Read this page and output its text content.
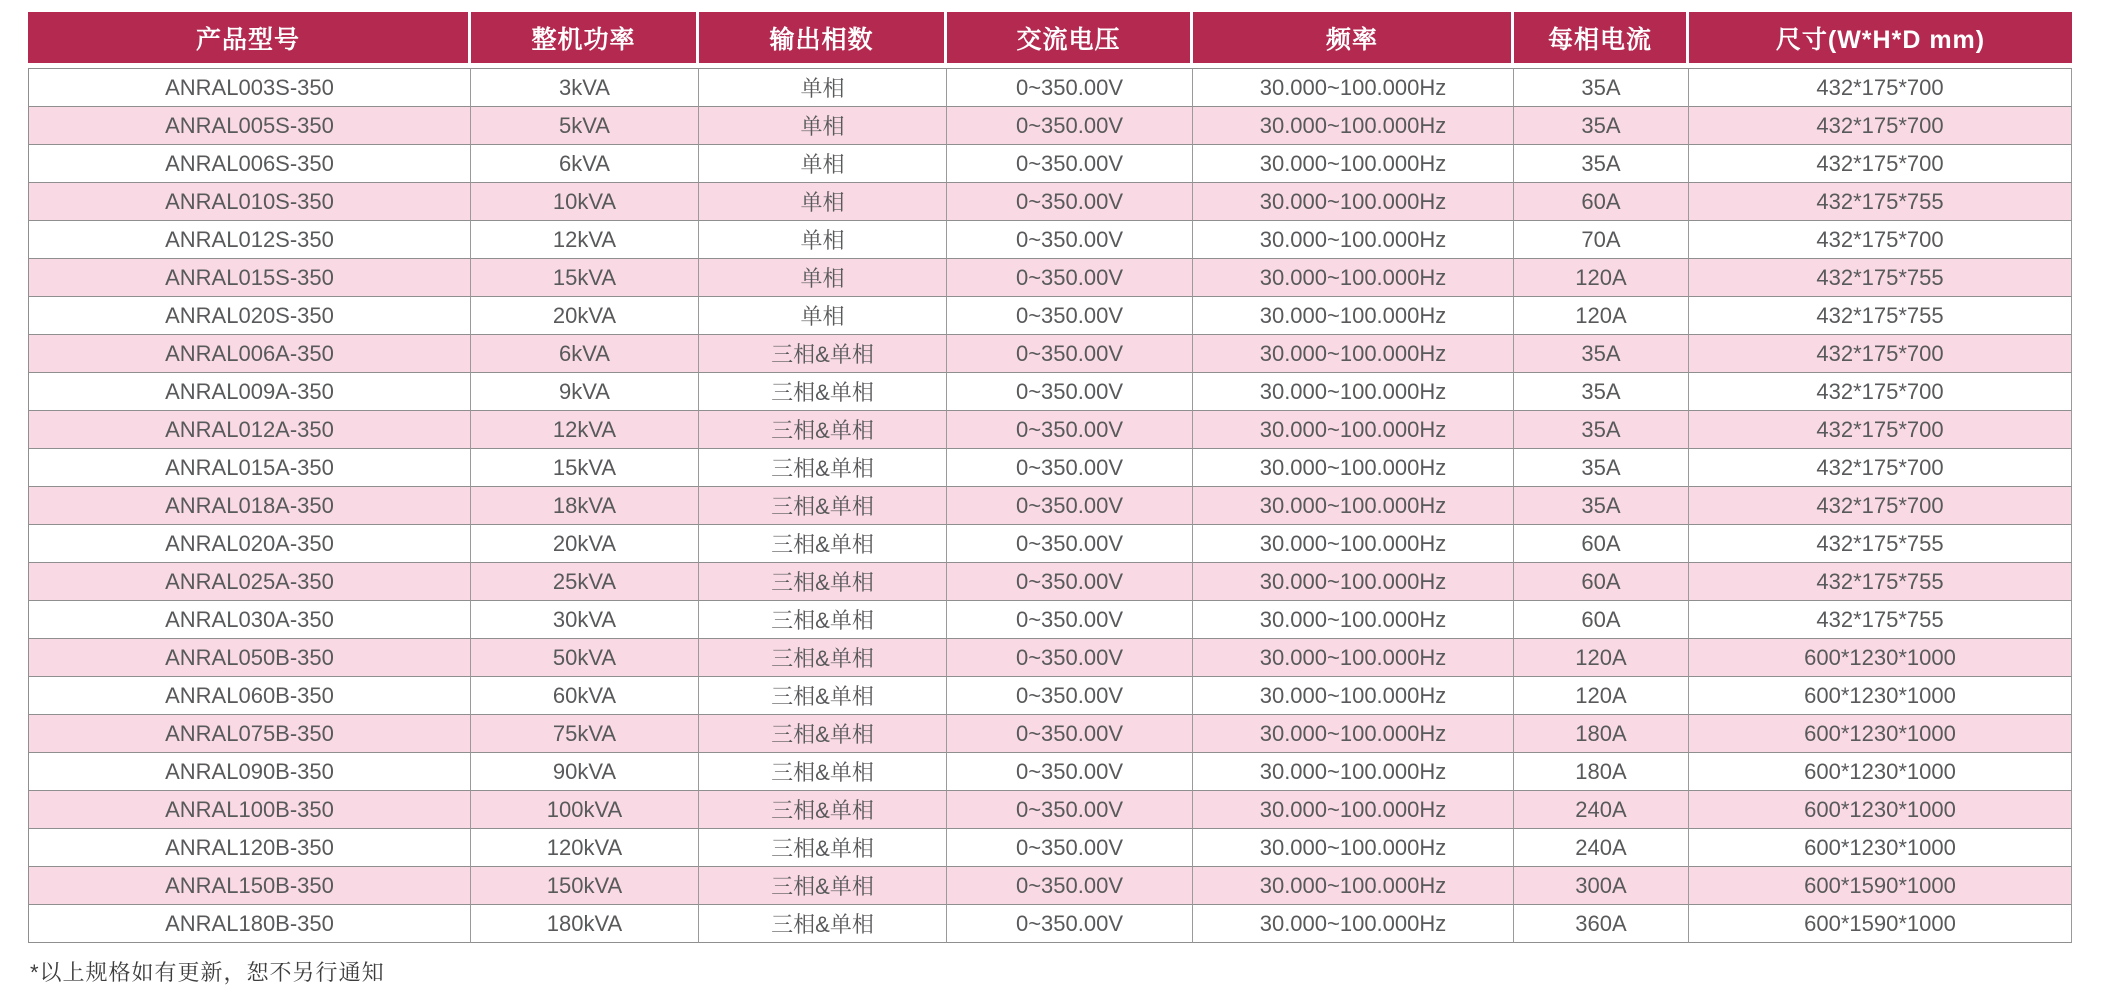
产品型号	整机功率	输出相数	交流电压	频率	每相电流	尺寸(W*H*D mm)
ANRAL003S-350	3kVA	单相	0~350.00V	30.000~100.000Hz	35A	432*175*700
ANRAL005S-350	5kVA	单相	0~350.00V	30.000~100.000Hz	35A	432*175*700
ANRAL006S-350	6kVA	单相	0~350.00V	30.000~100.000Hz	35A	432*175*700
ANRAL010S-350	10kVA	单相	0~350.00V	30.000~100.000Hz	60A	432*175*755
ANRAL012S-350	12kVA	单相	0~350.00V	30.000~100.000Hz	70A	432*175*700
ANRAL015S-350	15kVA	单相	0~350.00V	30.000~100.000Hz	120A	432*175*755
ANRAL020S-350	20kVA	单相	0~350.00V	30.000~100.000Hz	120A	432*175*755
ANRAL006A-350	6kVA	三相&单相	0~350.00V	30.000~100.000Hz	35A	432*175*700
ANRAL009A-350	9kVA	三相&单相	0~350.00V	30.000~100.000Hz	35A	432*175*700
ANRAL012A-350	12kVA	三相&单相	0~350.00V	30.000~100.000Hz	35A	432*175*700
ANRAL015A-350	15kVA	三相&单相	0~350.00V	30.000~100.000Hz	35A	432*175*700
ANRAL018A-350	18kVA	三相&单相	0~350.00V	30.000~100.000Hz	35A	432*175*700
ANRAL020A-350	20kVA	三相&单相	0~350.00V	30.000~100.000Hz	60A	432*175*755
ANRAL025A-350	25kVA	三相&单相	0~350.00V	30.000~100.000Hz	60A	432*175*755
ANRAL030A-350	30kVA	三相&单相	0~350.00V	30.000~100.000Hz	60A	432*175*755
ANRAL050B-350	50kVA	三相&单相	0~350.00V	30.000~100.000Hz	120A	600*1230*1000
ANRAL060B-350	60kVA	三相&单相	0~350.00V	30.000~100.000Hz	120A	600*1230*1000
ANRAL075B-350	75kVA	三相&单相	0~350.00V	30.000~100.000Hz	180A	600*1230*1000
ANRAL090B-350	90kVA	三相&单相	0~350.00V	30.000~100.000Hz	180A	600*1230*1000
ANRAL100B-350	100kVA	三相&单相	0~350.00V	30.000~100.000Hz	240A	600*1230*1000
ANRAL120B-350	120kVA	三相&单相	0~350.00V	30.000~100.000Hz	240A	600*1230*1000
ANRAL150B-350	150kVA	三相&单相	0~350.00V	30.000~100.000Hz	300A	600*1590*1000
ANRAL180B-350	180kVA	三相&单相	0~350.00V	30.000~100.000Hz	360A	600*1590*1000
*以上规格如有更新，恕不另行通知
